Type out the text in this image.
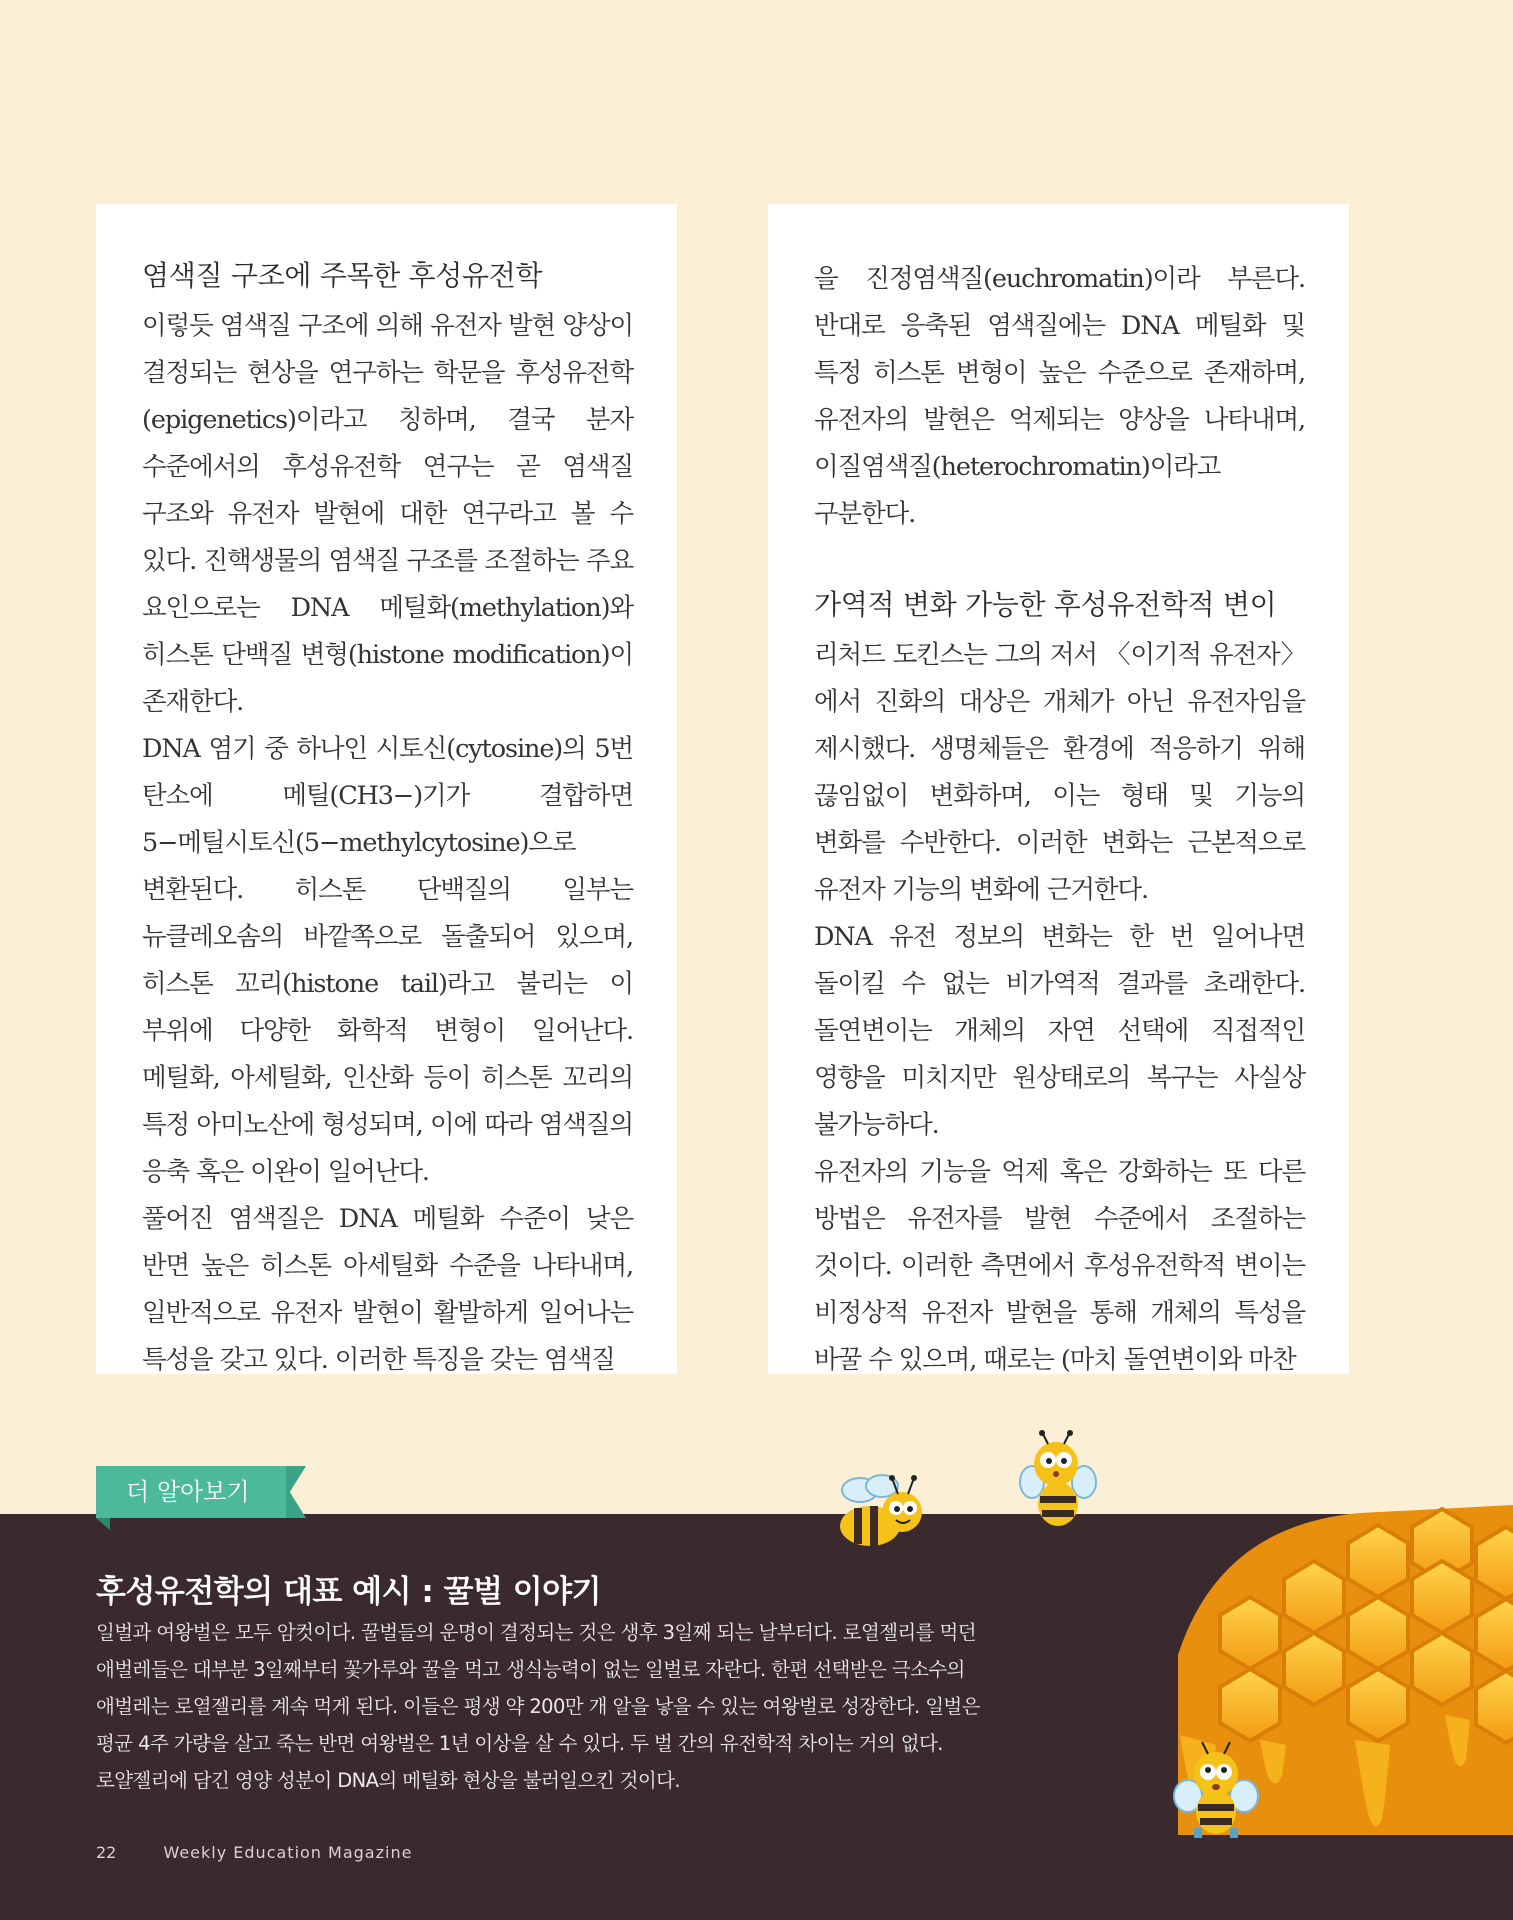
염색질 구조에 주목한 후성유전학

이렇듯 염색질 구조에 의해 유전자 발현 양상이 결정되는 현상을 연구하는 학문을 후성유전학(epigenetics)이라고 칭하며, 결국 분자 수준에서의 후성유전학 연구는 곧 염색질 구조와 유전자 발현에 대한 연구라고 볼 수 있다. 진핵생물의 염색질 구조를 조절하는 주요 요인으로는 DNA 메틸화(methylation)와 히스톤 단백질 변형(histone modification)이 존재한다.

DNA 염기 중 하나인 시토신(cytosine)의 5번 탄소에 메틸(CH3−)기가 결합하면 5−메틸시토신(5−methylcytosine)으로 변환된다. 히스톤 단백질의 일부는 뉴클레오솜의 바깥쪽으로 돌출되어 있으며, 히스톤 꼬리(histone tail)라고 불리는 이 부위에 다양한 화학적 변형이 일어난다. 메틸화, 아세틸화, 인산화 등이 히스톤 꼬리의 특정 아미노산에 형성되며, 이에 따라 염색질의 응축 혹은 이완이 일어난다.

풀어진 염색질은 DNA 메틸화 수준이 낮은 반면 높은 히스톤 아세틸화 수준을 나타내며, 일반적으로 유전자 발현이 활발하게 일어나는 특성을 갖고 있다. 이러한 특징을 갖는 염색질

을 진정염색질(euchromatin)이라 부른다. 반대로 응축된 염색질에는 DNA 메틸화 및 특정 히스톤 변형이 높은 수준으로 존재하며, 유전자의 발현은 억제되는 양상을 나타내며, 이질염색질(heterochromatin)이라고 구분한다.

가역적 변화 가능한 후성유전학적 변이

리처드 도킨스는 그의 저서 〈이기적 유전자〉에서 진화의 대상은 개체가 아닌 유전자임을 제시했다. 생명체들은 환경에 적응하기 위해 끊임없이 변화하며, 이는 형태 및 기능의 변화를 수반한다. 이러한 변화는 근본적으로 유전자 기능의 변화에 근거한다.

DNA 유전 정보의 변화는 한 번 일어나면 돌이킬 수 없는 비가역적 결과를 초래한다. 돌연변이는 개체의 자연 선택에 직접적인 영향을 미치지만 원상태로의 복구는 사실상 불가능하다.

유전자의 기능을 억제 혹은 강화하는 또 다른 방법은 유전자를 발현 수준에서 조절하는 것이다. 이러한 측면에서 후성유전학적 변이는 비정상적 유전자 발현을 통해 개체의 특성을 바꿀 수 있으며, 때로는 (마치 돌연변이와 마찬

더 알아보기
후성유전학의 대표 예시 : 꿀벌 이야기

일벌과 여왕벌은 모두 암컷이다. 꿀벌들의 운명이 결정되는 것은 생후 3일째 되는 날부터다. 로열젤리를 먹던
애벌레들은 대부분 3일째부터 꽃가루와 꿀을 먹고 생식능력이 없는 일벌로 자란다. 한편 선택받은 극소수의
애벌레는 로열젤리를 계속 먹게 된다. 이들은 평생 약 200만 개 알을 낳을 수 있는 여왕벌로 성장한다. 일벌은
평균 4주 가량을 살고 죽는 반면 여왕벌은 1년 이상을 살 수 있다. 두 벌 간의 유전학적 차이는 거의 없다.
로얄젤리에 담긴 영양 성분이 DNA의 메틸화 현상을 불러일으킨 것이다.

22	Weekly Education Magazine
